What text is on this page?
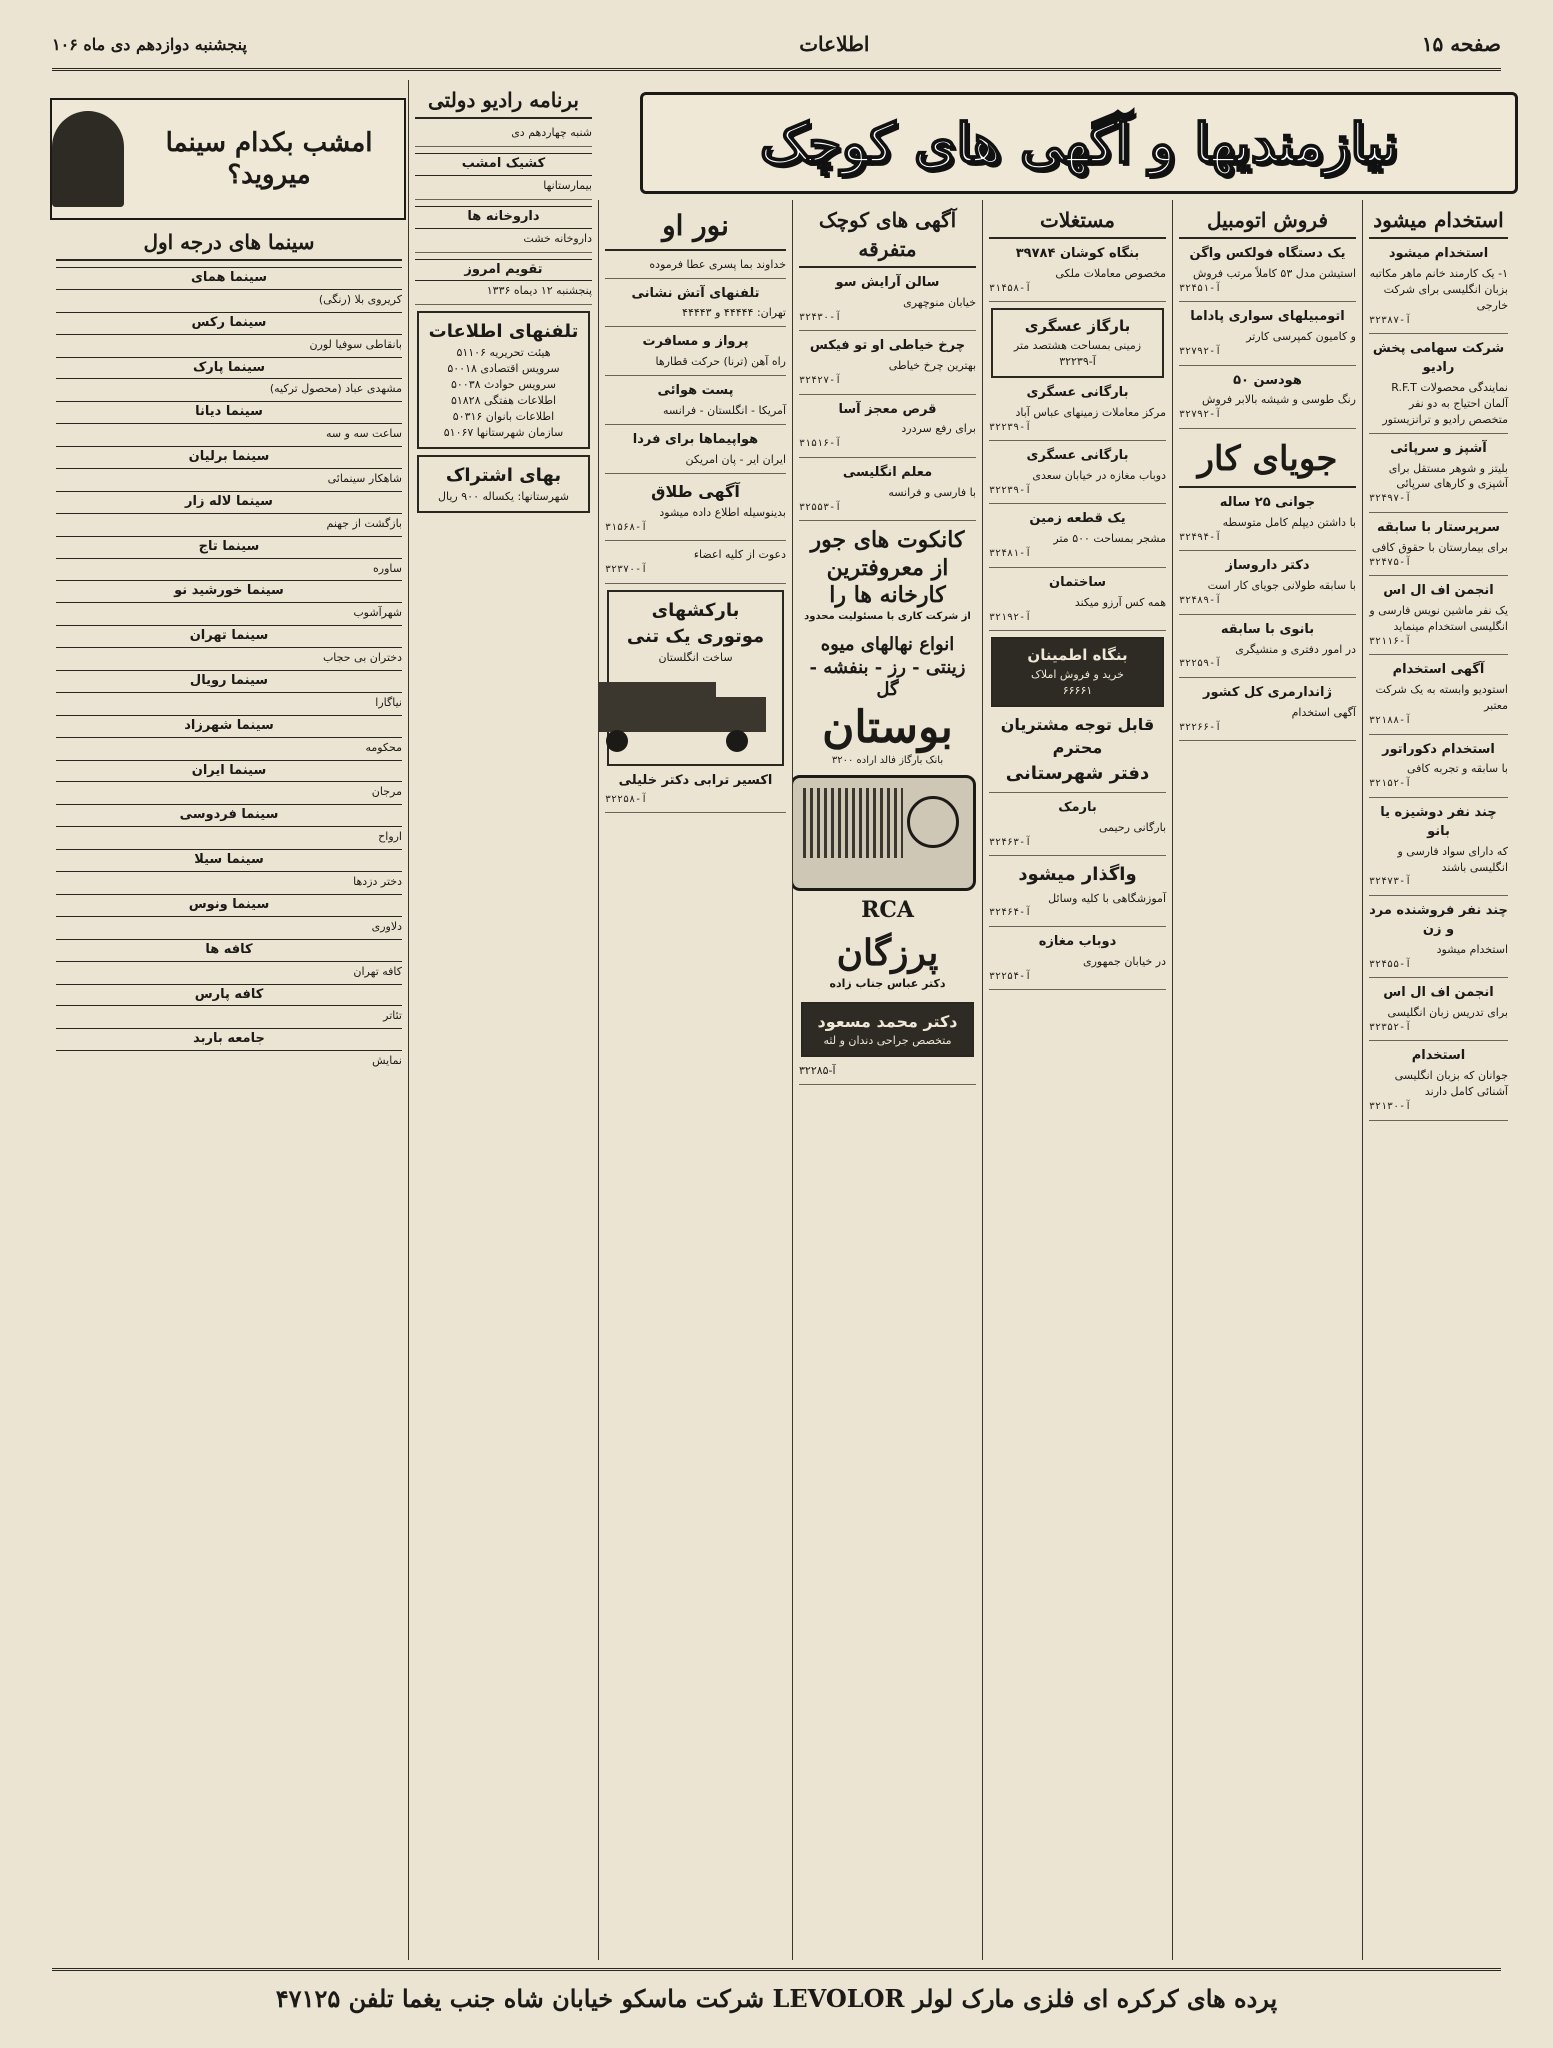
صفحه ۱۵
اطلاعات
پنجشنبه دوازدهم دی ماه ۱۰۶
نیازمندیها و آگهی های کوچک
امشب بکدام سینما میروید؟
استخدام میشود
استخدام میشود
۱- یک کارمند خانم ماهر مکاتبه بزبان انگلیسی برای شرکت خارجی
آ-۳۲۳۸۷
شرکت سهامی پخش رادیو
نمایندگی محصولات R.F.T آلمان احتیاج به دو نفر متخصص رادیو و ترانزیستور
آشپز و سرپائی
بلیتز و شوهر مستقل برای آشپزی و کارهای سرپائی
آ-۳۲۴۹۷
سرپرستار با سابقه
برای بیمارستان با حقوق کافی
آ-۳۲۴۷۵
انجمن اف ال اس
یک نفر ماشین نویس فارسی و انگلیسی استخدام مینماید
آ-۳۲۱۱۶
آگهی استخدام
استودیو وابسته به یک شرکت معتبر
آ-۳۲۱۸۸
استخدام دکوراتور
با سابقه و تجربه کافی
آ-۳۲۱۵۲
چند نفر دوشیزه یا بانو
که دارای سواد فارسی و انگلیسی باشند
آ-۳۲۴۷۳
چند نفر فروشنده مرد و زن
استخدام میشود
آ-۳۲۴۵۵
انجمن اف ال اس
برای تدریس زبان انگلیسی
آ-۳۲۳۵۲
استخدام
جوانان که بزبان انگلیسی آشنائی کامل دارند
آ-۳۲۱۳۰
فروش اتومبیل
یک دستگاه فولکس واگن
استیشن مدل ۵۳ کاملاً مرتب فروش
آ-۳۲۴۵۱
اتومبیلهای سواری پاداما
و کامیون کمپرسی کارتر
آ-۳۲۷۹۲
هودسن ۵۰
رنگ طوسی و شیشه بالابر فروش
آ-۳۲۷۹۲
جویای کار
جوانی ۲۵ ساله
با داشتن دیپلم کامل متوسطه
آ-۳۲۴۹۴
دکتر داروساز
با سابقه طولانی جویای کار است
آ-۳۲۴۸۹
بانوی با سابقه
در امور دفتری و منشیگری
آ-۳۲۲۵۹
ژاندارمری کل کشور
آگهی استخدام
آ-۳۲۲۶۶
مستغلات
بنگاه کوشان ۳۹۷۸۴
مخصوص معاملات ملکی
آ-۳۱۴۵۸
بارگاز عسگری
زمینی بمساحت هشتصد متر
آ-۳۲۲۳۹
بارگانی عسگری
مرکز معاملات زمینهای عباس آباد
آ-۳۲۲۳۹
بارگانی عسگری
دوباب مغازه در خیابان سعدی
آ-۳۲۲۳۹
یک قطعه زمین
مشجر بمساحت ۵۰۰ متر
آ-۳۲۴۸۱
ساختمان
همه کس آرزو میکند
آ-۳۲۱۹۲
بنگاه اطمینان
خرید و فروش املاک
۶۶۶۶۱
قابل توجه مشتریان محترم
دفتر شهرستانی
بارمک
بارگانی رحیمی
آ-۳۲۴۶۳
واگذار میشود
آموزشگاهی با کلیه وسائل
آ-۳۲۴۶۴
دوباب مغازه
در خیابان جمهوری
آ-۳۲۲۵۴
آگهی های کوچک متفرقه
سالن آرایش سو
خیابان منوچهری
آ-۳۲۴۳۰
چرخ خیاطی او تو فیکس
بهترین چرخ خیاطی
آ-۳۲۴۲۷
قرص معجز آسا
برای رفع سردرد
آ-۳۱۵۱۶
معلم انگلیسی
با فارسی و فرانسه
آ-۳۲۵۵۳
کانکوت های جور از معروفترین کارخانه ها را
از شرکت کاری با مسئولیت محدود
انواع نهالهای میوه زینتی - رز - بنفشه - گل
بوستان
بانک بارگاز فالد اراده ۳۲۰۰
RCA
پرزگان
دکتر عباس جناب زاده
دکتر محمد مسعود
متخصص جراحی دندان و لثه
آ-۳۲۲۸۵
نور او
خداوند بما پسری عطا فرموده
تلفنهای آتش نشانی
تهران: ۴۴۴۴۴ و ۴۴۴۴۳
پرواز و مسافرت
راه آهن (ترنا) حرکت قطارها
پست هوائی
آمریکا - انگلستان - فرانسه
هواپیماها برای فردا
ایران ایر - پان امریکن
آگهی طلاق
بدینوسیله اطلاع داده میشود
آ-۳۱۵۶۸
دعوت از کلیه اعضاء
آ-۳۲۳۷۰
بارکشهای موتوری یک تنی
ساخت انگلستان
اکسیر ترابی دکتر خلیلی
آ-۳۲۲۵۸
برنامه رادیو دولتی
شنبه چهاردهم دی
کشیک امشب
بیمارستانها
داروخانه ها
داروخانه خشت
تقویم امروز
پنجشنبه ۱۲ دیماه ۱۳۳۶
تلفنهای اطلاعات
هیئت تحریریه ۵۱۱۰۶
سرویس اقتصادی ۵۰۰۱۸
سرویس حوادث ۵۰۰۳۸
اطلاعات هفتگی ۵۱۸۲۸
اطلاعات بانوان ۵۰۳۱۶
سازمان شهرستانها ۵۱۰۶۷
بهای اشتراک
شهرستانها: یکساله ۹۰۰ ریال
سینما های درجه اول
سینما همای
کریروی بلا (رنگی)
سینما رکس
بانقاطی سوفیا لورن
سینما پارک
مشهدی عباد (محصول ترکیه)
سینما دیانا
ساعت سه و سه
سینما برلیان
شاهکار سینمائی
سینما لاله زار
بازگشت از جهنم
سینما تاج
ساوره
سینما خورشید نو
شهرآشوب
سینما تهران
دختران بی حجاب
سینما رویال
نیاگارا
سینما شهرزاد
محکومه
سینما ایران
مرجان
سینما فردوسی
ارواح
سینما سیلا
دختر دزدها
سینما ونوس
دلاوری
کافه ها
کافه تهران
کافه پارس
تئاتر
جامعه باربد
نمایش
پرده های کرکره ای فلزی مارک لولر LEVOLOR شرکت ماسکو خیابان شاه جنب یغما تلفن ۴۷۱۲۵
